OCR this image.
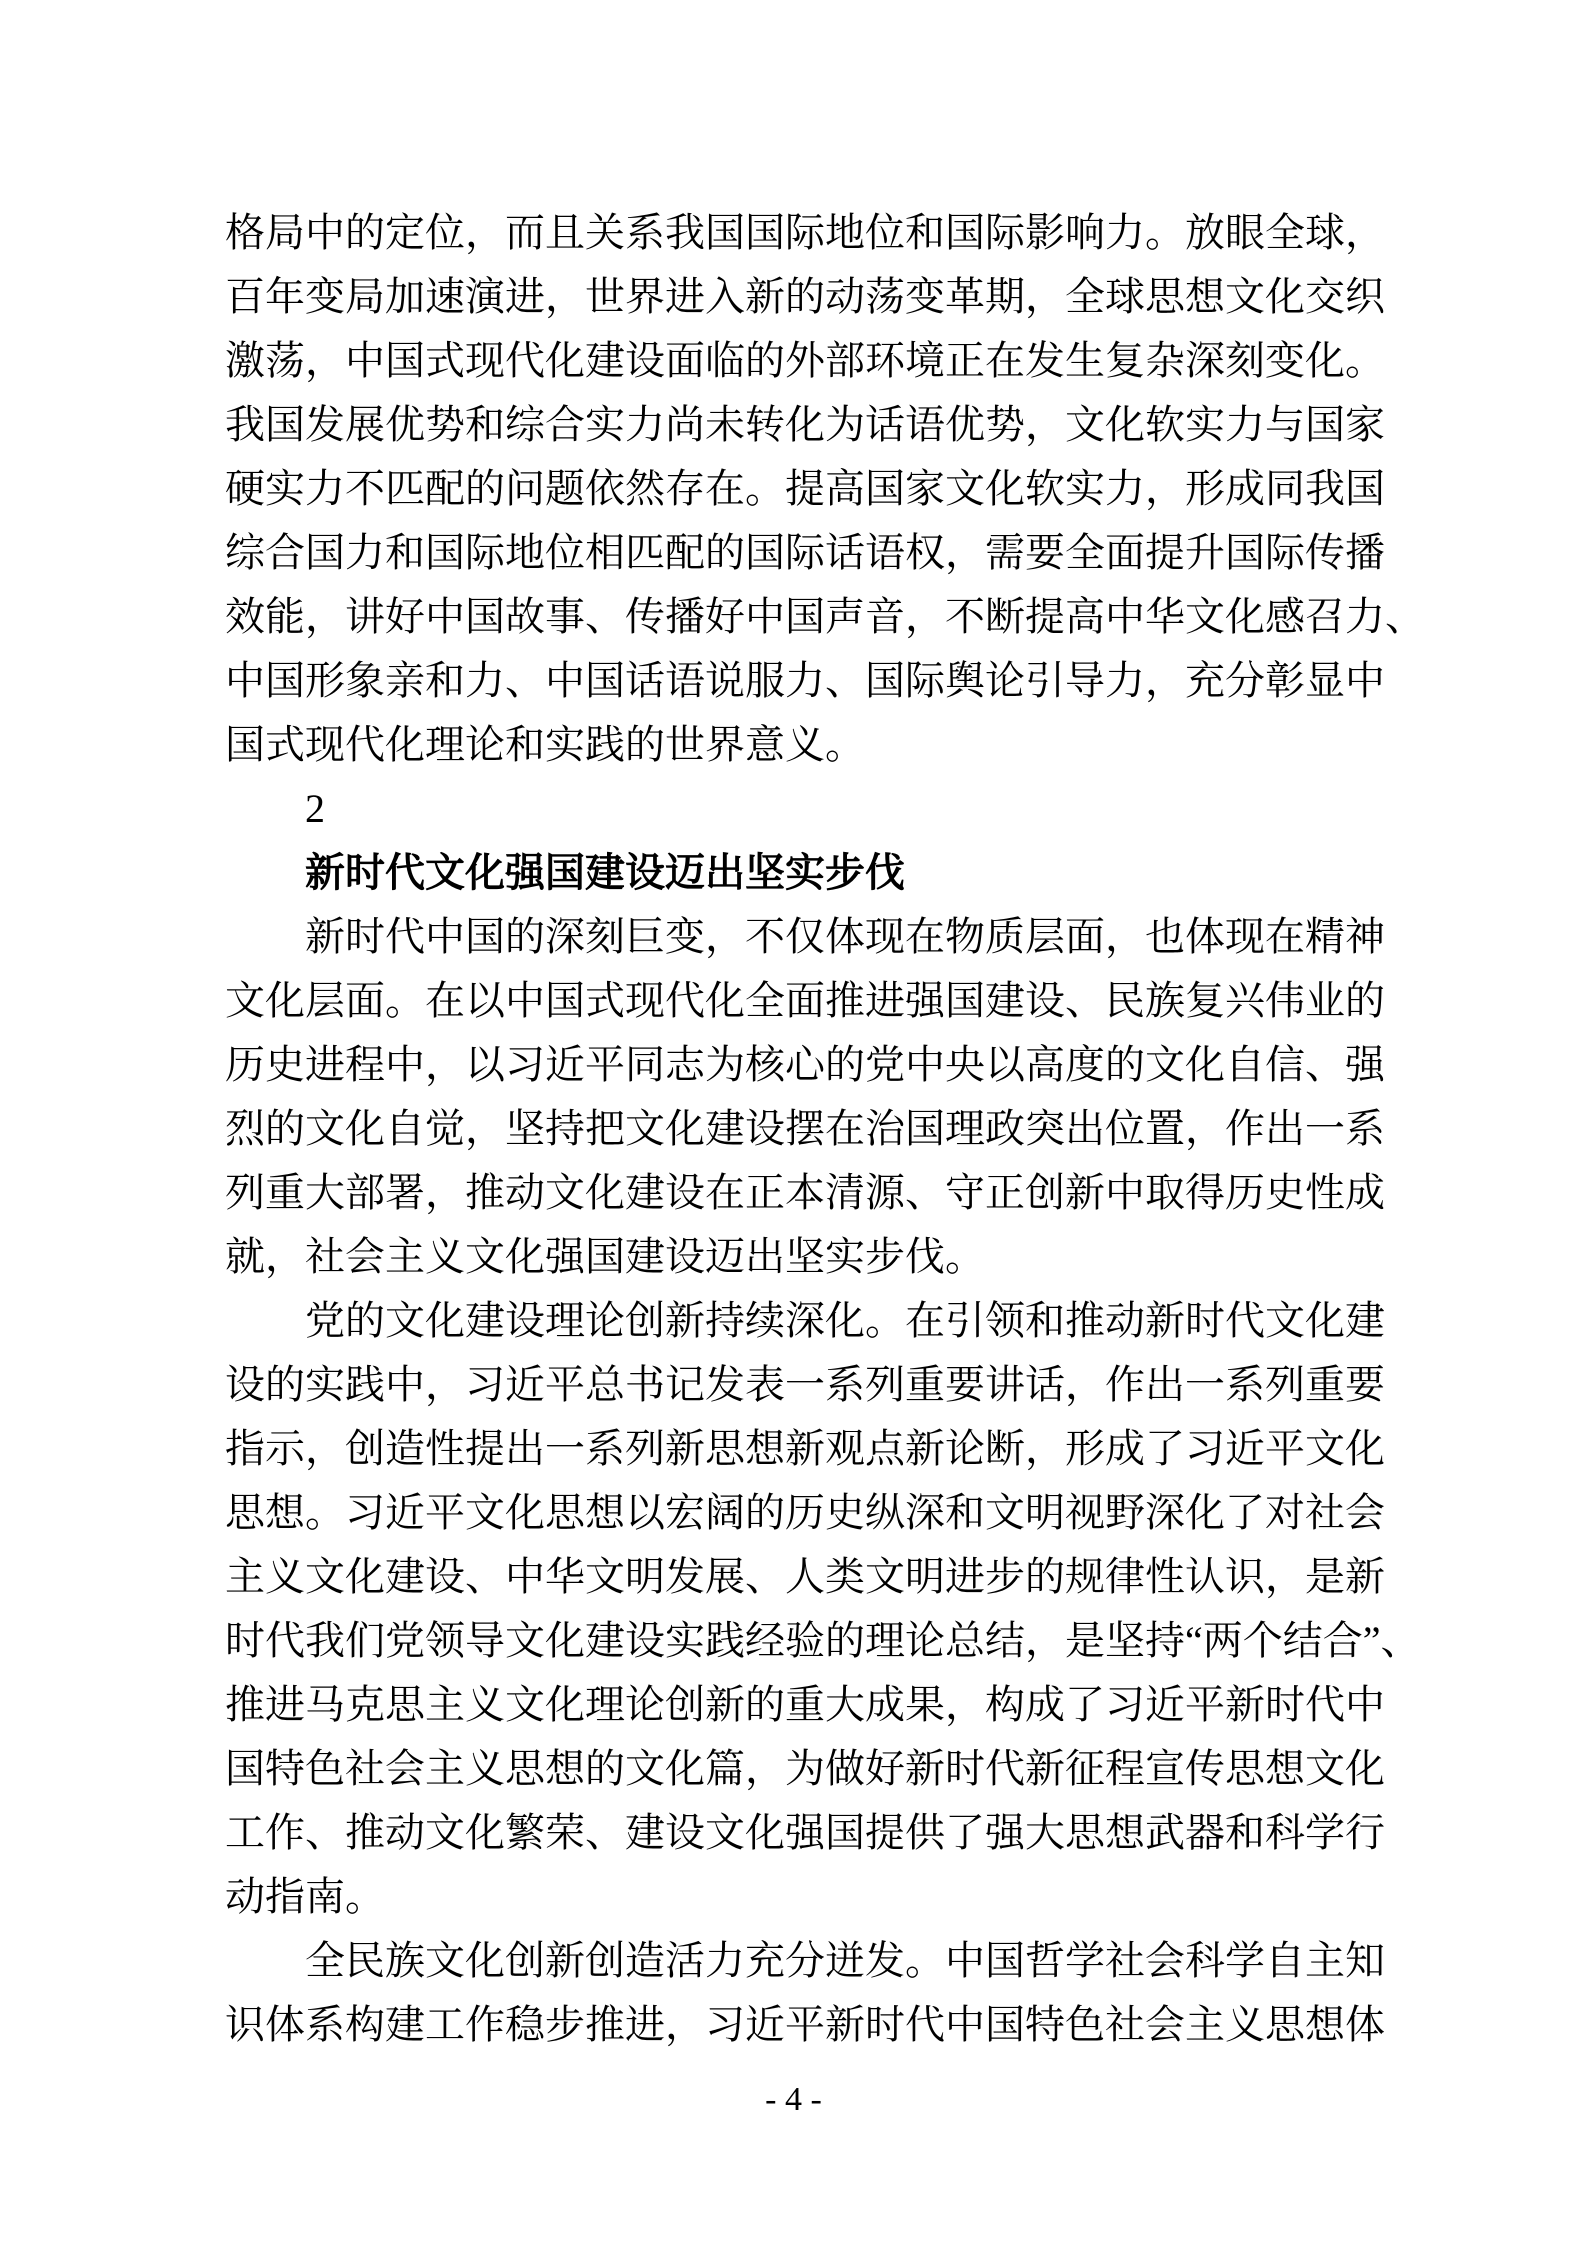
格局中的定位，而且关系我国国际地位和国际影响力。放眼全球，
百年变局加速演进，世界进入新的动荡变革期，全球思想文化交织
激荡，中国式现代化建设面临的外部环境正在发生复杂深刻变化。
我国发展优势和综合实力尚未转化为话语优势，文化软实力与国家
硬实力不匹配的问题依然存在。提高国家文化软实力，形成同我国
综合国力和国际地位相匹配的国际话语权，需要全面提升国际传播
效能，讲好中国故事、传播好中国声音，不断提高中华文化感召力、
中国形象亲和力、中国话语说服力、国际舆论引导力，充分彰显中
国式现代化理论和实践的世界意义。
2
新时代文化强国建设迈出坚实步伐
新时代中国的深刻巨变，不仅体现在物质层面，也体现在精神
文化层面。在以中国式现代化全面推进强国建设、民族复兴伟业的
历史进程中，以习近平同志为核心的党中央以高度的文化自信、强
烈的文化自觉，坚持把文化建设摆在治国理政突出位置，作出一系
列重大部署，推动文化建设在正本清源、守正创新中取得历史性成
就，社会主义文化强国建设迈出坚实步伐。
党的文化建设理论创新持续深化。在引领和推动新时代文化建
设的实践中，习近平总书记发表一系列重要讲话，作出一系列重要
指示，创造性提出一系列新思想新观点新论断，形成了习近平文化
思想。习近平文化思想以宏阔的历史纵深和文明视野深化了对社会
主义文化建设、中华文明发展、人类文明进步的规律性认识，是新
时代我们党领导文化建设实践经验的理论总结，是坚持“两个结合”、
推进马克思主义文化理论创新的重大成果，构成了习近平新时代中
国特色社会主义思想的文化篇，为做好新时代新征程宣传思想文化
工作、推动文化繁荣、建设文化强国提供了强大思想武器和科学行
动指南。
全民族文化创新创造活力充分迸发。中国哲学社会科学自主知
识体系构建工作稳步推进，习近平新时代中国特色社会主义思想体
- 4 -
